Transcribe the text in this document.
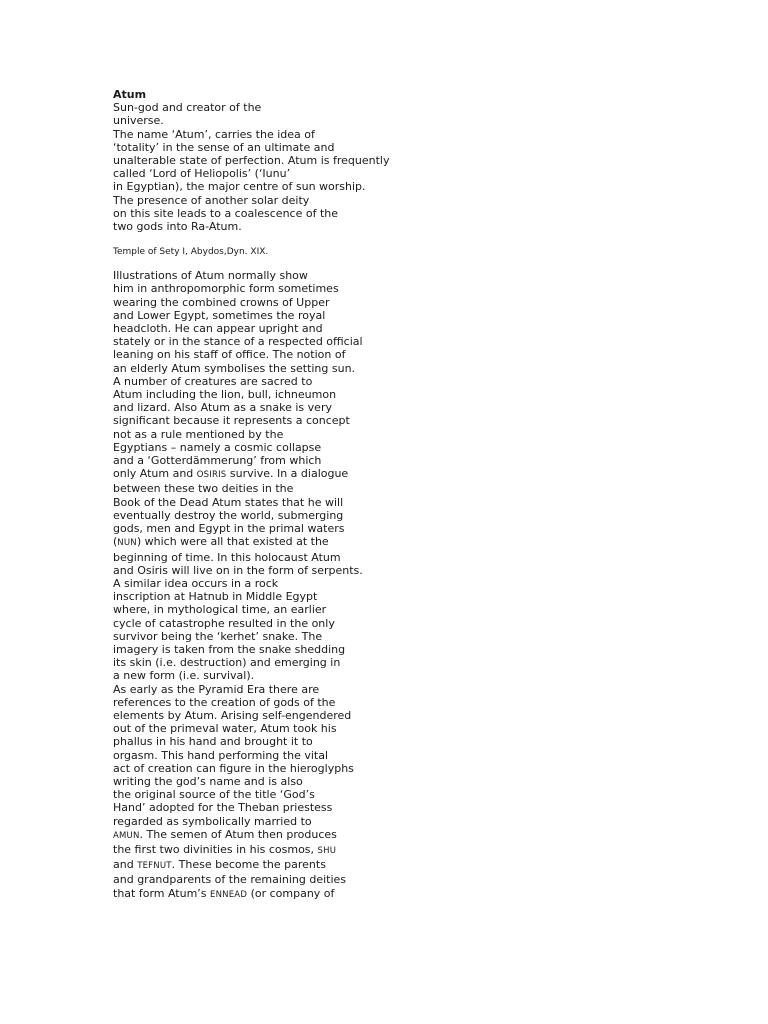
Atum
Sun-god and creator of the
universe.
The name ‘Atum’, carries the idea of
‘totality’ in the sense of an ultimate and
unalterable state of perfection. Atum is frequently
called ‘Lord of Heliopolis’ (‘Iunu’
in Egyptian), the major centre of sun worship.
The presence of another solar deity
on this site leads to a coalescence of the
two gods into Ra-Atum.
Temple of Sety I, Abydos,Dyn. XIX.
Illustrations of Atum normally show
him in anthropomorphic form sometimes
wearing the combined crowns of Upper
and Lower Egypt, sometimes the royal
headcloth. He can appear upright and
stately or in the stance of a respected official
leaning on his staff of office. The notion of
an elderly Atum symbolises the setting sun.
A number of creatures are sacred to
Atum including the lion, bull, ichneumon
and lizard. Also Atum as a snake is very
significant because it represents a concept
not as a rule mentioned by the
Egyptians – namely a cosmic collapse
and a ‘Gotterdämmerung’ from which
only Atum and OSIRIS survive. In a dialogue
between these two deities in the
Book of the Dead Atum states that he will
eventually destroy the world, submerging
gods, men and Egypt in the primal waters
(NUN) which were all that existed at the
beginning of time. In this holocaust Atum
and Osiris will live on in the form of serpents.
A similar idea occurs in a rock
inscription at Hatnub in Middle Egypt
where, in mythological time, an earlier
cycle of catastrophe resulted in the only
survivor being the ‘kerhet’ snake. The
imagery is taken from the snake shedding
its skin (i.e. destruction) and emerging in
a new form (i.e. survival).
As early as the Pyramid Era there are
references to the creation of gods of the
elements by Atum. Arising self-engendered
out of the primeval water, Atum took his
phallus in his hand and brought it to
orgasm. This hand performing the vital
act of creation can figure in the hieroglyphs
writing the god’s name and is also
the original source of the title ‘God’s
Hand’ adopted for the Theban priestess
regarded as symbolically married to
AMUN. The semen of Atum then produces
the first two divinities in his cosmos, SHU
and TEFNUT. These become the parents
and grandparents of the remaining deities
that form Atum’s ENNEAD (or company of
